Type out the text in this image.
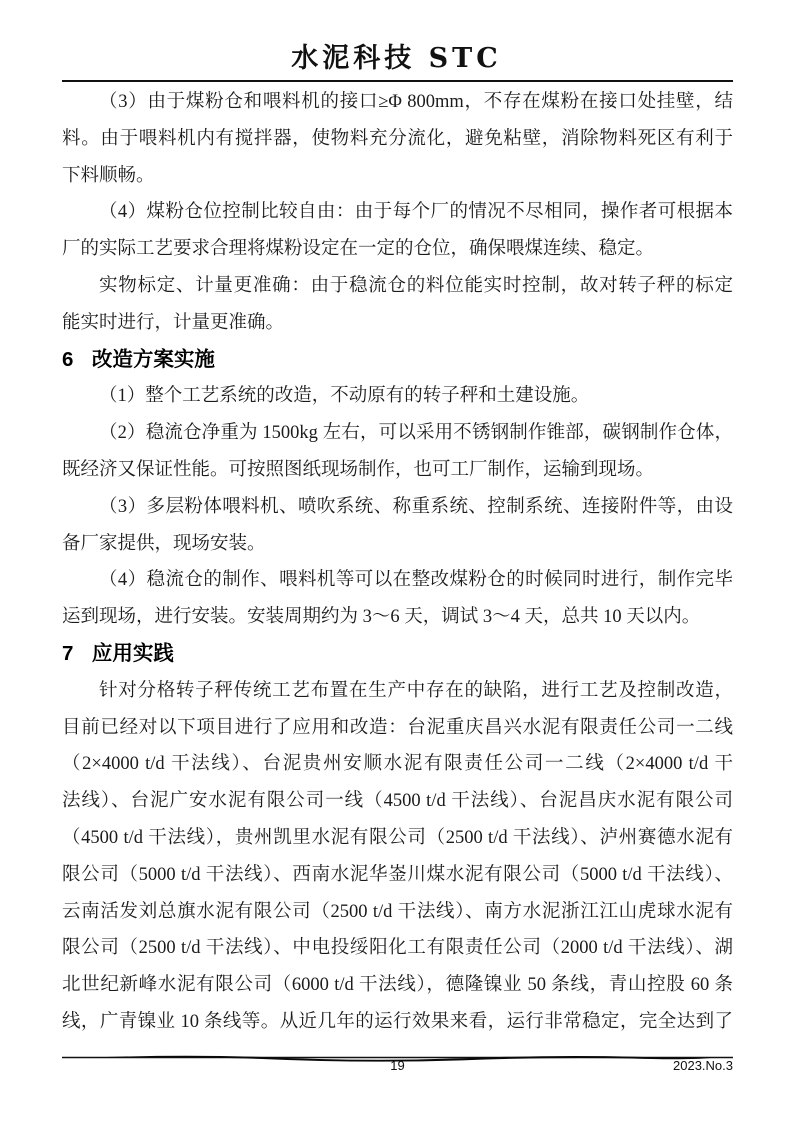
水泥科技 STC
（3）由于煤粉仓和喂料机的接口≥Φ 800mm，不存在煤粉在接口处挂壁，结
料。由于喂料机内有搅拌器，使物料充分流化，避免粘壁，消除物料死区有利于
下料顺畅。
（4）煤粉仓位控制比较自由：由于每个厂的情况不尽相同，操作者可根据本
厂的实际工艺要求合理将煤粉设定在一定的仓位，确保喂煤连续、稳定。
实物标定、计量更准确：由于稳流仓的料位能实时控制，故对转子秤的标定
能实时进行，计量更准确。
6 改造方案实施
（1）整个工艺系统的改造，不动原有的转子秤和土建设施。
（2）稳流仓净重为 1500kg 左右，可以采用不锈钢制作锥部，碳钢制作仓体，
既经济又保证性能。可按照图纸现场制作，也可工厂制作，运输到现场。
（3）多层粉体喂料机、喷吹系统、称重系统、控制系统、连接附件等，由设
备厂家提供，现场安装。
（4）稳流仓的制作、喂料机等可以在整改煤粉仓的时候同时进行，制作完毕
运到现场，进行安装。安装周期约为 3～6 天，调试 3～4 天，总共 10 天以内。
7 应用实践
针对分格转子秤传统工艺布置在生产中存在的缺陷，进行工艺及控制改造，
目前已经对以下项目进行了应用和改造：台泥重庆昌兴水泥有限责任公司一二线
（2×4000 t/d 干法线）、台泥贵州安顺水泥有限责任公司一二线（2×4000 t/d 干
法线）、台泥广安水泥有限公司一线（4500 t/d 干法线）、台泥昌庆水泥有限公司
（4500 t/d 干法线），贵州凯里水泥有限公司（2500 t/d 干法线）、泸州赛德水泥有
限公司（5000 t/d 干法线）、西南水泥华崟川煤水泥有限公司（5000 t/d 干法线）、
云南活发刘总旗水泥有限公司（2500 t/d 干法线）、南方水泥浙江江山虎球水泥有
限公司（2500 t/d 干法线）、中电投绥阳化工有限责任公司（2000 t/d 干法线）、湖
北世纪新峰水泥有限公司（6000 t/d 干法线），德隆镍业 50 条线，青山控股 60 条
线，广青镍业 10 条线等。从近几年的运行效果来看，运行非常稳定，完全达到了
19	2023.No.3
